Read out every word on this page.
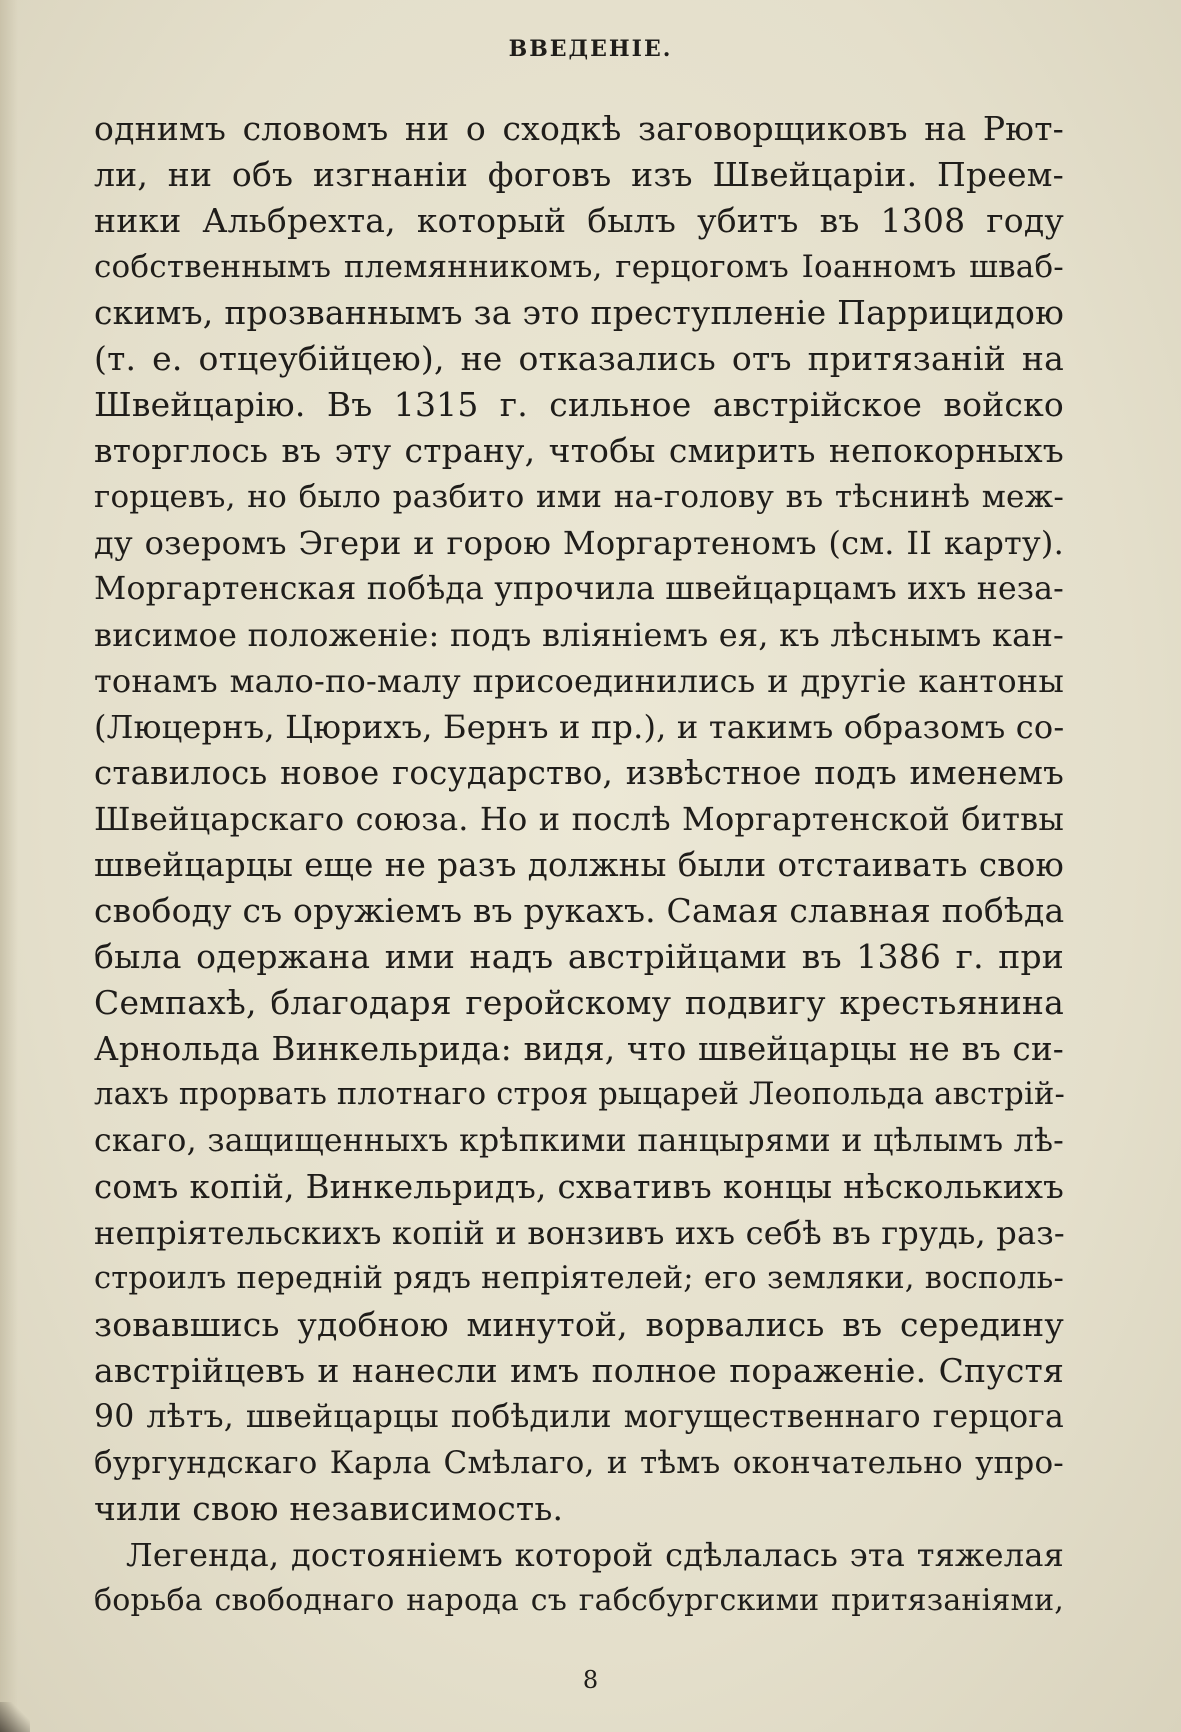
ВВЕДЕНІЕ.
однимъ словомъ ни о сходкѣ заговорщиковъ на Рют-
ли, ни объ изгнаніи фоговъ изъ Швейцаріи. Преем-
ники Альбрехта, который былъ убитъ въ 1308 году
собственнымъ племянникомъ, герцогомъ Іоанномъ шваб-
скимъ, прозваннымъ за это преступленіе Паррицидою
(т. е. отцеубійцею), не отказались отъ притязаній на
Швейцарію. Въ 1315 г. сильное австрійское войско
вторглось въ эту страну, чтобы смирить непокорныхъ
горцевъ, но было разбито ими на-голову въ тѣснинѣ меж-
ду озеромъ Эгери и горою Моргартеномъ (см. II карту).
Моргартенская побѣда упрочила швейцарцамъ ихъ неза-
висимое положеніе: подъ вліяніемъ ея, къ лѣснымъ кан-
тонамъ мало-по-малу присоединились и другіе кантоны
(Люцернъ, Цюрихъ, Бернъ и пр.), и такимъ образомъ со-
ставилось новое государство, извѣстное подъ именемъ
Швейцарскаго союза. Но и послѣ Моргартенской битвы
швейцарцы еще не разъ должны были отстаивать свою
свободу съ оружіемъ въ рукахъ. Самая славная побѣда
была одержана ими надъ австрійцами въ 1386 г. при
Семпахѣ, благодаря геройскому подвигу крестьянина
Арнольда Винкельрида: видя, что швейцарцы не въ си-
лахъ прорвать плотнаго строя рыцарей Леопольда австрій-
скаго, защищенныхъ крѣпкими панцырями и цѣлымъ лѣ-
сомъ копій, Винкельридъ, схвативъ концы нѣсколькихъ
непріятельскихъ копій и вонзивъ ихъ себѣ въ грудь, раз-
строилъ передній рядъ непріятелей; его земляки, восполь-
зовавшись удобною минутой, ворвались въ середину
австрійцевъ и нанесли имъ полное пораженіе. Спустя
90 лѣтъ, швейцарцы побѣдили могущественнаго герцога
бургундскаго Карла Смѣлаго, и тѣмъ окончательно упро-
чили свою независимость.
Легенда, достояніемъ которой сдѣлалась эта тяжелая
борьба свободнаго народа съ габсбургскими притязаніями,
8
